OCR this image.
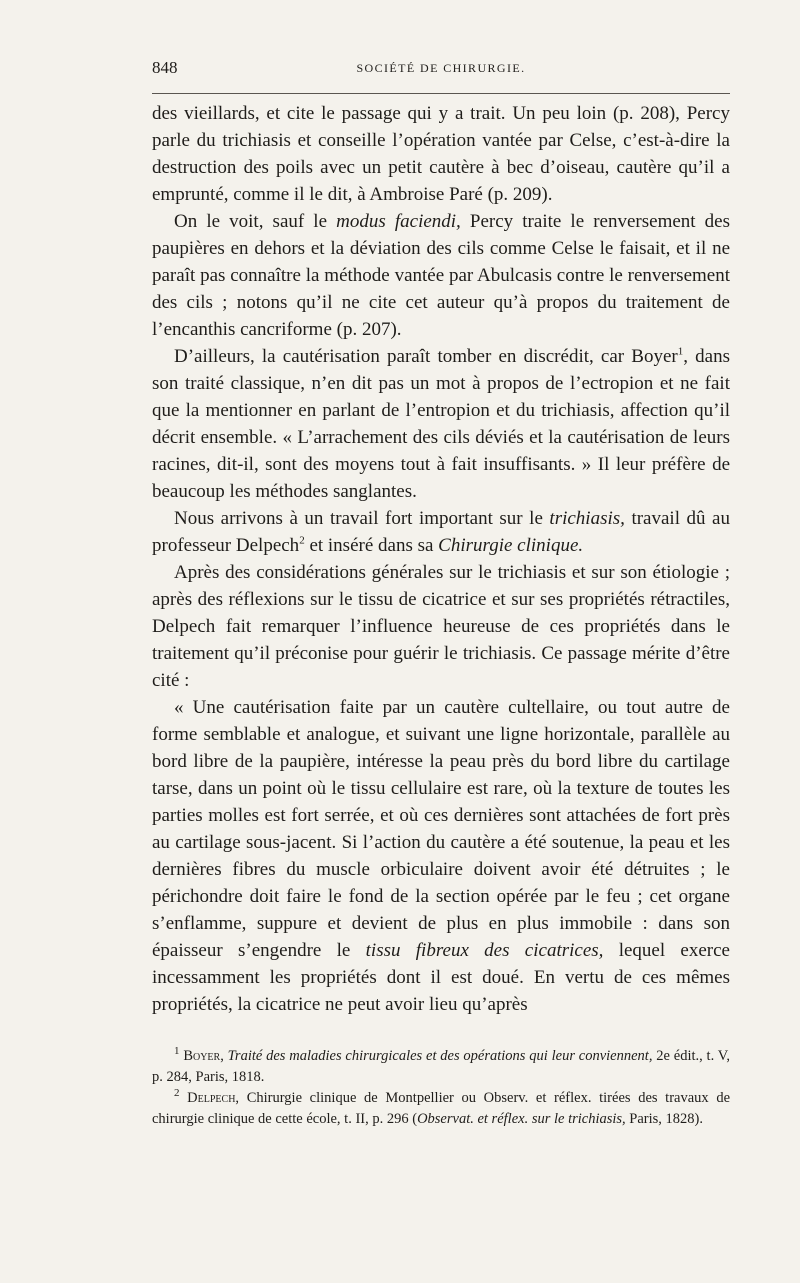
848	SOCIÉTÉ DE CHIRURGIE.

des vieillards, et cite le passage qui y a trait. Un peu loin (p. 208), Percy parle du trichiasis et conseille l’opération vantée par Celse, c’est-à-dire la destruction des poils avec un petit cautère à bec d’oiseau, cautère qu’il a emprunté, comme il le dit, à Ambroise Paré (p. 209).

On le voit, sauf le modus faciendi, Percy traite le renversement des paupières en dehors et la déviation des cils comme Celse le faisait, et il ne paraît pas connaître la méthode vantée par Abulcasis contre le renversement des cils ; notons qu’il ne cite cet auteur qu’à propos du traitement de l’encanthis cancriforme (p. 207).

D’ailleurs, la cautérisation paraît tomber en discrédit, car Boyer$^1$, dans son traité classique, n’en dit pas un mot à propos de l’ectropion et ne fait que la mentionner en parlant de l’entropion et du trichiasis, affection qu’il décrit ensemble. « L’arrachement des cils déviés et la cautérisation de leurs racines, dit-il, sont des moyens tout à fait insuffisants. » Il leur préfère de beaucoup les méthodes sanglantes.

Nous arrivons à un travail fort important sur le trichiasis, travail dû au professeur Delpech$^2$ et inséré dans sa Chirurgie clinique.

Après des considérations générales sur le trichiasis et sur son étiologie ; après des réflexions sur le tissu de cicatrice et sur ses propriétés rétractiles, Delpech fait remarquer l’influence heureuse de ces propriétés dans le traitement qu’il préconise pour guérir le trichiasis. Ce passage mérite d’être cité :

« Une cautérisation faite par un cautère cultellaire, ou tout autre de forme semblable et analogue, et suivant une ligne horizontale, parallèle au bord libre de la paupière, intéresse la peau près du bord libre du cartilage tarse, dans un point où le tissu cellulaire est rare, où la texture de toutes les parties molles est fort serrée, et où ces dernières sont attachées de fort près au cartilage sous-jacent. Si l’action du cautère a été soutenue, la peau et les dernières fibres du muscle orbiculaire doivent avoir été détruites ; le périchondre doit faire le fond de la section opérée par le feu ; cet organe s’enflamme, suppure et devient de plus en plus immobile : dans son épaisseur s’engendre le tissu fibreux des cicatrices, lequel exerce incessamment les propriétés dont il est doué. En vertu de ces mêmes propriétés, la cicatrice ne peut avoir lieu qu’après

$^1$ Boyer, Traité des maladies chirurgicales et des opérations qui leur conviennent, 2e édit., t. V, p. 284, Paris, 1818.

$^2$ Delpech, Chirurgie clinique de Montpellier ou Observ. et réflex. tirées des travaux de chirurgie clinique de cette école, t. II, p. 296 (Observat. et réflex. sur le trichiasis, Paris, 1828).
